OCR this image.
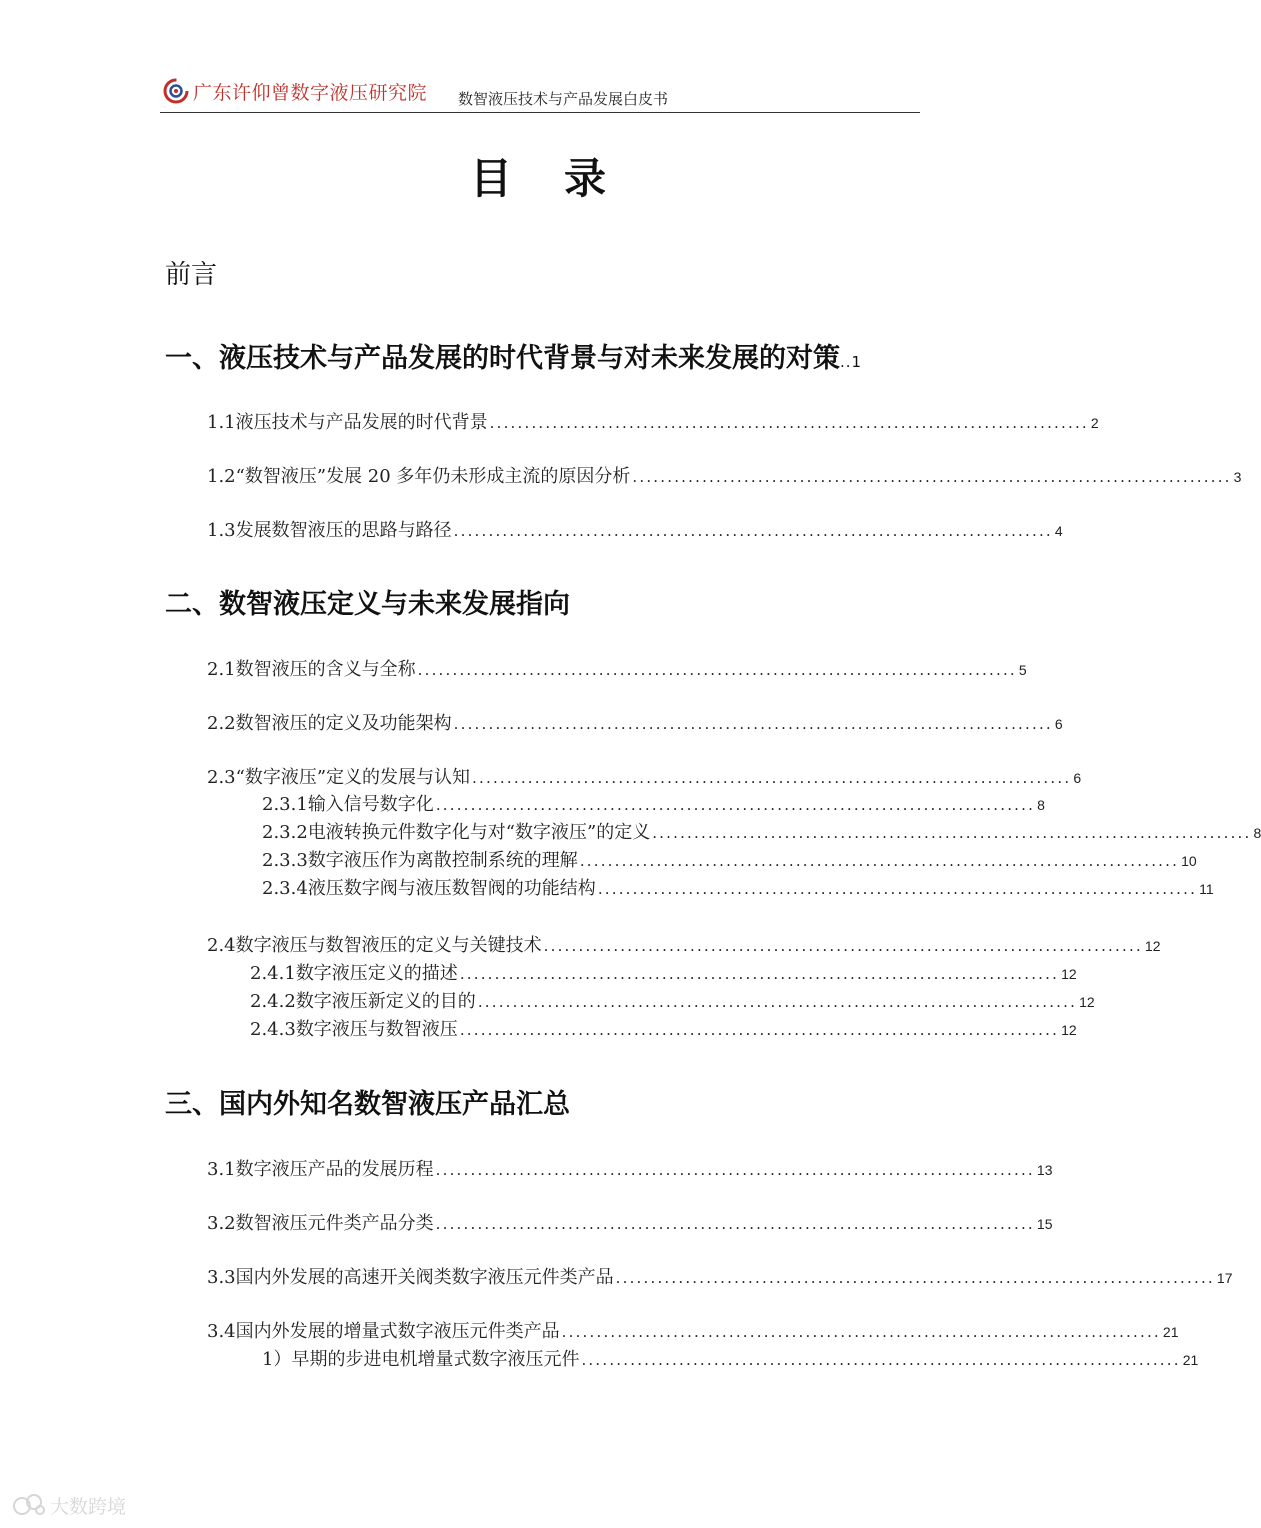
广东许仰曾数字液压研究院 数智液压技术与产品发展白皮书
目录
前言
一、液压技术与产品发展的时代背景与对未来发展的对策..1
1.1 液压技术与产品发展的时代背景 ...................................................................................... 2
1.2 “数智液压”发展 20 多年仍未形成主流的原因分析 ...................................................................................... 3
1.3 发展数智液压的思路与路径 ...................................................................................... 4
二、数智液压定义与未来发展指向
2.1 数智液压的含义与全称 ...................................................................................... 5
2.2 数智液压的定义及功能架构 ...................................................................................... 6
2.3 “数字液压”定义的发展与认知 ...................................................................................... 6
2.3.1 输入信号数字化 ...................................................................................... 8
2.3.2 电液转换元件数字化与对“数字液压”的定义 ...................................................................................... 8
2.3.3 数字液压作为离散控制系统的理解 ...................................................................................... 10
2.3.4 液压数字阀与液压数智阀的功能结构 ...................................................................................... 11
2.4 数字液压与数智液压的定义与关键技术 ...................................................................................... 12
2.4.1 数字液压定义的描述 ...................................................................................... 12
2.4.2 数字液压新定义的目的 ...................................................................................... 12
2.4.3 数字液压与数智液压 ...................................................................................... 12
三、国内外知名数智液压产品汇总
3.1 数字液压产品的发展历程 ...................................................................................... 13
3.2 数智液压元件类产品分类 ...................................................................................... 15
3.3 国内外发展的高速开关阀类数字液压元件类产品 ...................................................................................... 17
3.4 国内外发展的增量式数字液压元件类产品 ...................................................................................... 21
1）早期的步进电机增量式数字液压元件 ...................................................................................... 21
大数跨境
